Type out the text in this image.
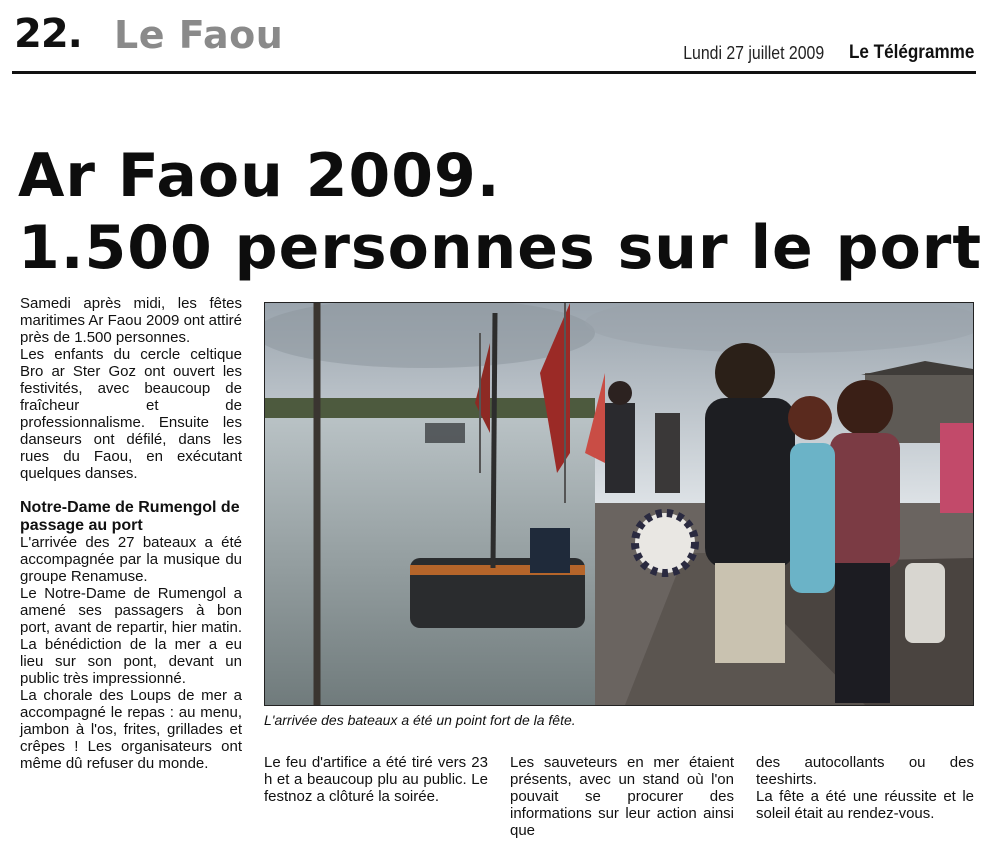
22. Le Faou	Lundi 27 juillet 2009 Le Télégramme
Ar Faou 2009.
1.500 personnes sur le port

Samedi après midi, les fêtes maritimes Ar Faou 2009 ont attiré près de 1.500 personnes.

Les enfants du cercle celtique Bro ar Ster Goz ont ouvert les festivités, avec beaucoup de fraîcheur et de professionnalisme. Ensuite les danseurs ont défilé, dans les rues du Faou, en exécutant quelques danses.

Notre-Dame de Rumengol de passage au port

L'arrivée des 27 bateaux a été accompagnée par la musique du groupe Renamuse.

Le Notre-Dame de Rumengol a amené ses passagers à bon port, avant de repartir, hier matin. La bénédiction de la mer a eu lieu sur son pont, devant un public très impressionné.

La chorale des Loups de mer a accompagné le repas : au menu, jambon à l'os, frites, grillades et crêpes ! Les organisateurs ont même dû refuser du monde.

L'arrivée des bateaux a été un point fort de la fête.

Le feu d'artifice a été tiré vers 23 h et a beaucoup plu au public. Le festnoz a clôturé la soirée.

Les sauveteurs en mer étaient présents, avec un stand où l'on pouvait se procurer des informations sur leur action ainsi que

des autocollants ou des teeshirts.

La fête a été une réussite et le soleil était au rendez-vous.
